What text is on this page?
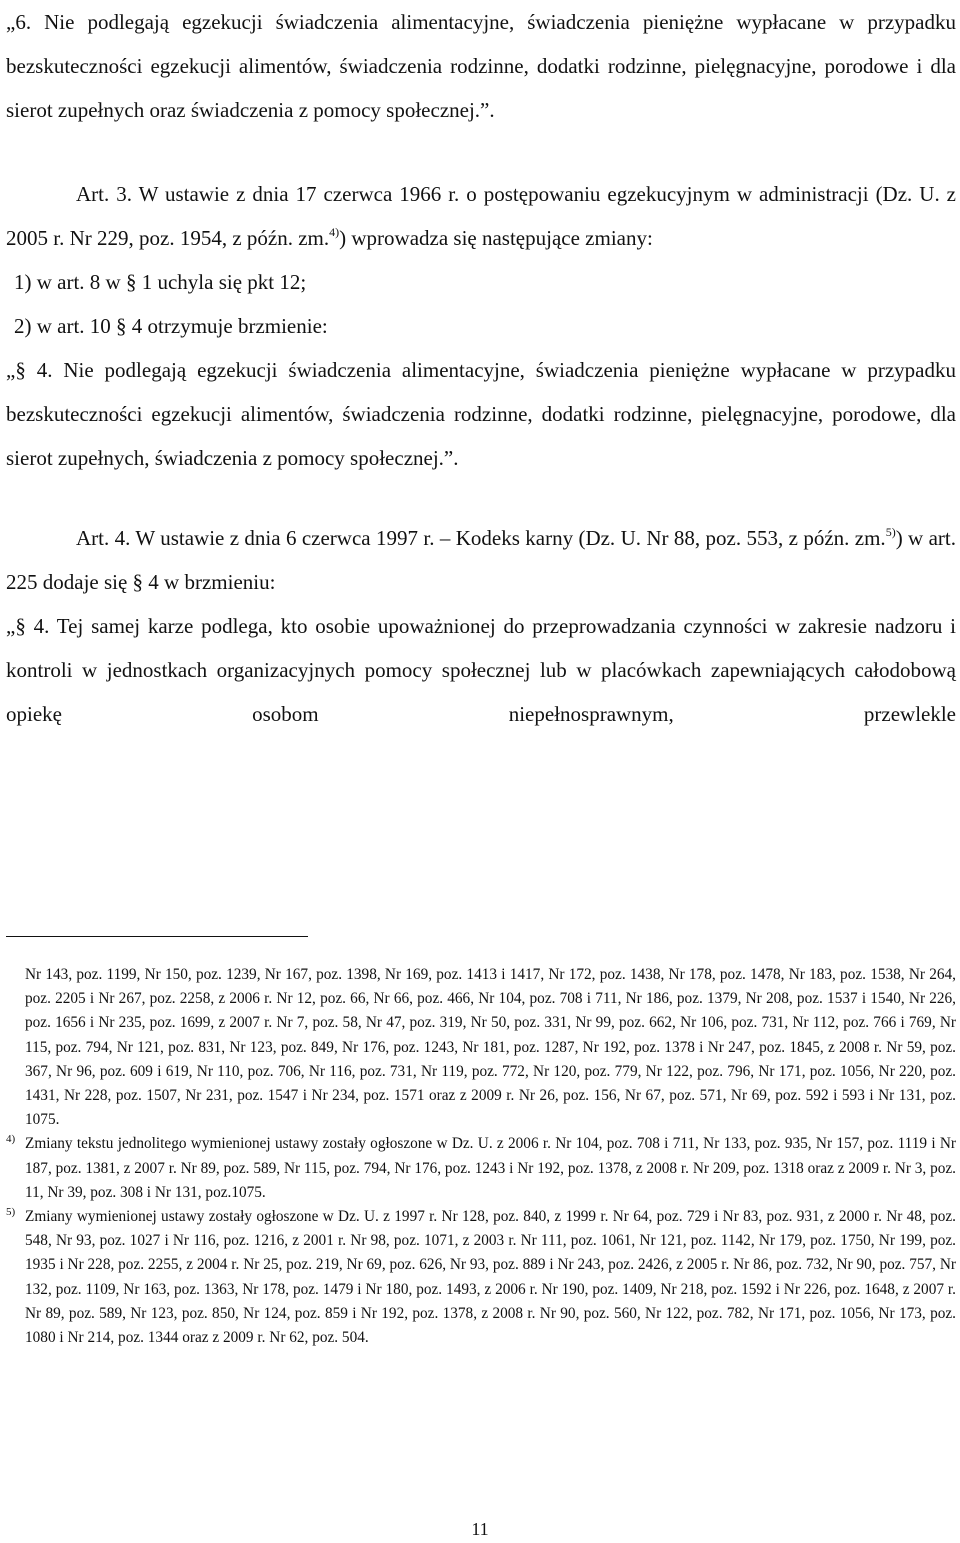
„6. Nie podlegają egzekucji świadczenia alimentacyjne, świadczenia pieniężne wypłacane w przypadku bezskuteczności egzekucji alimentów, świadczenia rodzinne, dodatki rodzinne, pielęgnacyjne, porodowe i dla sierot zupełnych oraz świadczenia z pomocy społecznej.”.

Art. 3. W ustawie z dnia 17 czerwca 1966 r. o postępowaniu egzekucyjnym w administracji (Dz. U. z 2005 r. Nr 229, poz. 1954, z późn. zm.$^{4)}$) wprowadza się następujące zmiany:

1) w art. 8 w § 1 uchyla się pkt 12;

2) w art. 10 § 4 otrzymuje brzmienie:

„§ 4. Nie podlegają egzekucji świadczenia alimentacyjne, świadczenia pieniężne wypłacane w przypadku bezskuteczności egzekucji alimentów, świadczenia rodzinne, dodatki rodzinne, pielęgnacyjne, porodowe, dla sierot zupełnych, świadczenia z pomocy społecznej.”.

Art. 4. W ustawie z dnia 6 czerwca 1997 r. – Kodeks karny (Dz. U. Nr 88, poz. 553, z późn. zm.$^{5)}$) w art. 225 dodaje się § 4 w brzmieniu:

„§ 4. Tej samej karze podlega, kto osobie upoważnionej do przeprowadzania czynności w zakresie nadzoru i kontroli w jednostkach organizacyjnych pomocy społecznej lub w placówkach zapewniających całodobową opiekę osobom niepełnosprawnym, przewlekle

Nr 143, poz. 1199, Nr 150, poz. 1239, Nr 167, poz. 1398, Nr 169, poz. 1413 i 1417, Nr 172, poz. 1438, Nr 178, poz. 1478, Nr 183, poz. 1538, Nr 264, poz. 2205 i Nr 267, poz. 2258, z 2006 r. Nr 12, poz. 66, Nr 66, poz. 466, Nr 104, poz. 708 i 711, Nr 186, poz. 1379, Nr 208, poz. 1537 i 1540, Nr 226, poz. 1656 i Nr 235, poz. 1699, z 2007 r. Nr 7, poz. 58, Nr 47, poz. 319, Nr 50, poz. 331, Nr 99, poz. 662, Nr 106, poz. 731, Nr 112, poz. 766 i 769, Nr 115, poz. 794, Nr 121, poz. 831, Nr 123, poz. 849, Nr 176, poz. 1243, Nr 181, poz. 1287, Nr 192, poz. 1378 i Nr 247, poz. 1845, z 2008 r. Nr 59, poz. 367, Nr 96, poz. 609 i 619, Nr 110, poz. 706, Nr 116, poz. 731, Nr 119, poz. 772, Nr 120, poz. 779, Nr 122, poz. 796, Nr 171, poz. 1056, Nr 220, poz. 1431, Nr 228, poz. 1507, Nr 231, poz. 1547 i Nr 234, poz. 1571 oraz z 2009 r. Nr 26, poz. 156, Nr 67, poz. 571, Nr 69, poz. 592 i 593 i Nr 131, poz. 1075.
4) Zmiany tekstu jednolitego wymienionej ustawy zostały ogłoszone w Dz. U. z 2006 r. Nr 104, poz. 708 i 711, Nr 133, poz. 935, Nr 157, poz. 1119 i Nr 187, poz. 1381, z 2007 r. Nr 89, poz. 589, Nr 115, poz. 794, Nr 176, poz. 1243 i Nr 192, poz. 1378, z 2008 r. Nr 209, poz. 1318 oraz z 2009 r. Nr 3, poz. 11, Nr 39, poz. 308 i Nr 131, poz.1075.
5) Zmiany wymienionej ustawy zostały ogłoszone w Dz. U. z 1997 r. Nr 128, poz. 840, z 1999 r. Nr 64, poz. 729 i Nr 83, poz. 931, z 2000 r. Nr 48, poz. 548, Nr 93, poz. 1027 i Nr 116, poz. 1216, z 2001 r. Nr 98, poz. 1071, z 2003 r. Nr 111, poz. 1061, Nr 121, poz. 1142, Nr 179, poz. 1750, Nr 199, poz. 1935 i Nr 228, poz. 2255, z 2004 r. Nr 25, poz. 219, Nr 69, poz. 626, Nr 93, poz. 889 i Nr 243, poz. 2426, z 2005 r. Nr 86, poz. 732, Nr 90, poz. 757, Nr 132, poz. 1109, Nr 163, poz. 1363, Nr 178, poz. 1479 i Nr 180, poz. 1493, z 2006 r. Nr 190, poz. 1409, Nr 218, poz. 1592 i Nr 226, poz. 1648, z 2007 r. Nr 89, poz. 589, Nr 123, poz. 850, Nr 124, poz. 859 i Nr 192, poz. 1378, z 2008 r. Nr 90, poz. 560, Nr 122, poz. 782, Nr 171, poz. 1056, Nr 173, poz. 1080 i Nr 214, poz. 1344 oraz z 2009 r. Nr 62, poz. 504.
11
